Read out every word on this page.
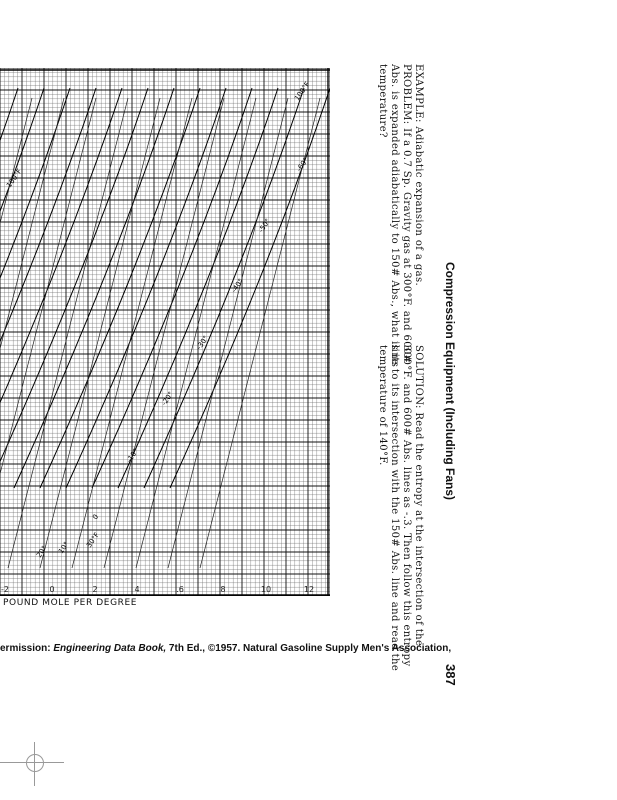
100°F
-60°
-50°
-40°
-30°
-20°
-10°
0
10°
20°
30°F
100°F
-2	0	2	4	.6	8	10	12
POUND MOLE PER DEGREE
EXAMPLE: Adiabatic expansion of a gas.
PROBLEM: If a 0.7 Sp. Gravity gas at 300°F. and 600#
Abs. is expanded adiabatically to 150# Abs., what is its
temperature?
Compression Equipment (Including Fans)
SOLUTION: Read the entropy at the intersection of the
300°F. and 600# Abs. lines as -.3. Then follow this entropy
line to its intersection with the 150# Abs. line and read the
temperature of 140°F.
387
ermission: Engineering Data Book, 7th Ed., ©1957. Natural Gasoline Supply Men's Association,
